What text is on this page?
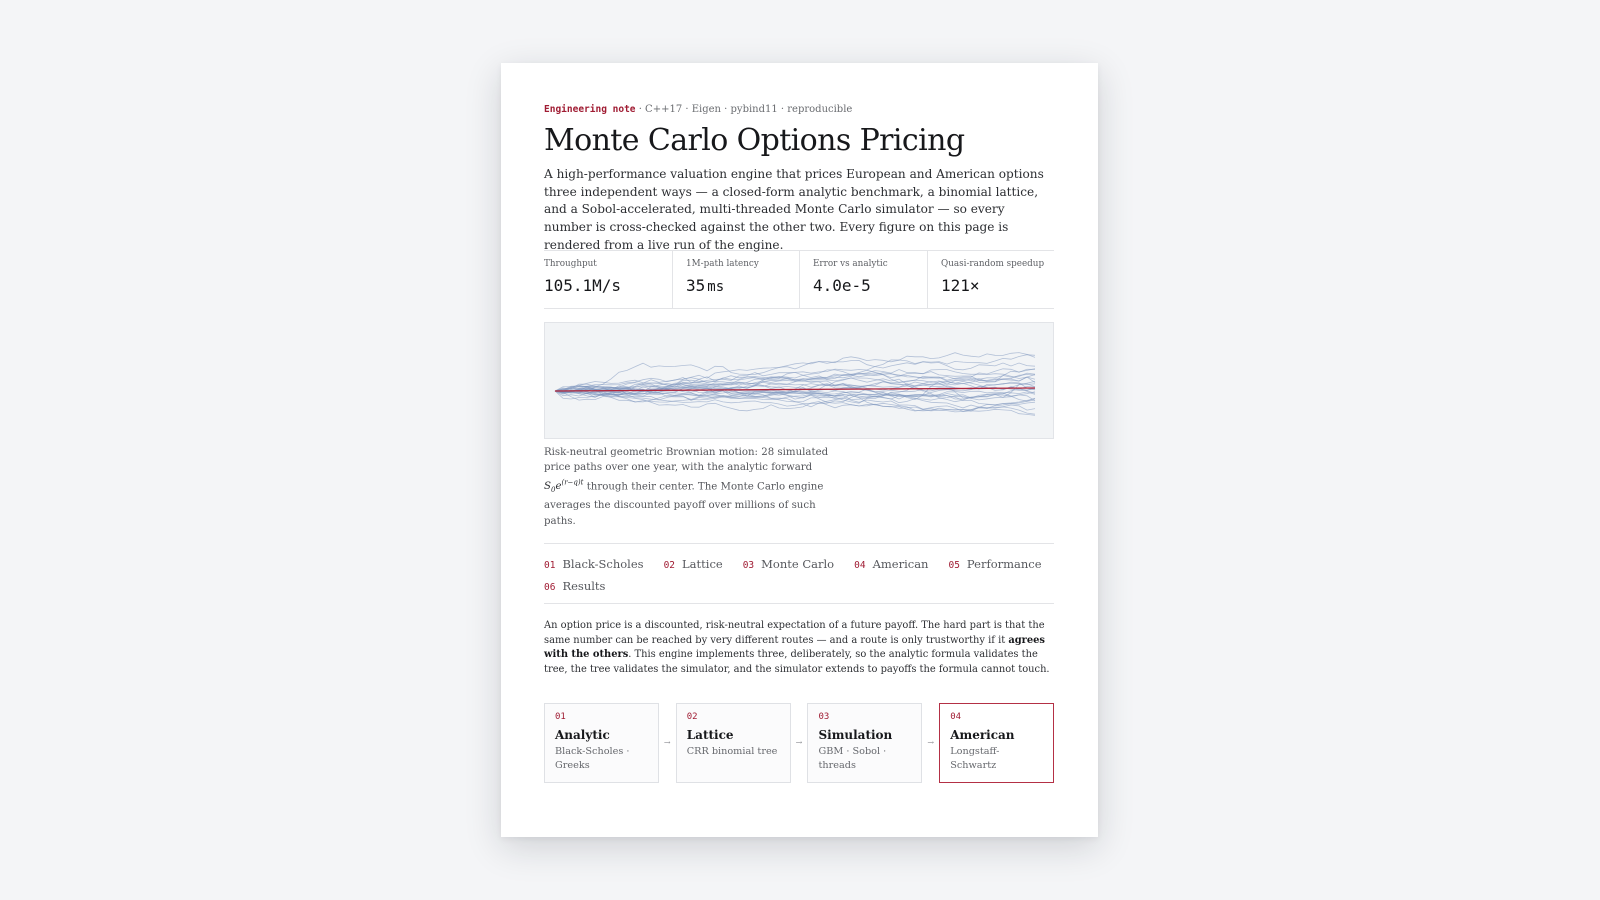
Engineering note · C++17 · Eigen · pybind11 · reproducible
Monte Carlo Options Pricing
A high-performance valuation engine that prices European and American options three independent ways — a closed-form analytic benchmark, a binomial lattice, and a Sobol-accelerated, multi-threaded Monte Carlo simulator — so every number is cross-checked against the other two. Every figure on this page is rendered from a live run of the engine.
Throughput
105.1M/s
1M-path latency
35 ms
Error vs analytic
4.0e-5
Quasi-random speedup
121×
Risk-neutral geometric Brownian motion: 28 simulated price paths over one year, with the analytic forward $S_0e^{(r-q)t}$ through their center. The Monte Carlo engine averages the discounted payoff over millions of such paths.
01 Black-Scholes 02 Lattice 03 Monte Carlo 04 American 05 Performance
06 Results
An option price is a discounted, risk-neutral expectation of a future payoff. The hard part is that the same number can be reached by very different routes — and a route is only trustworthy if it agrees with the others. This engine implements three, deliberately, so the analytic formula validates the tree, the tree validates the simulator, and the simulator extends to payoffs the formula cannot touch.
01
Analytic
Black-Scholes · Greeks
→
02
Lattice
CRR binomial tree
→
03
Simulation
GBM · Sobol · threads
→
04
American
Longstaff-Schwartz
